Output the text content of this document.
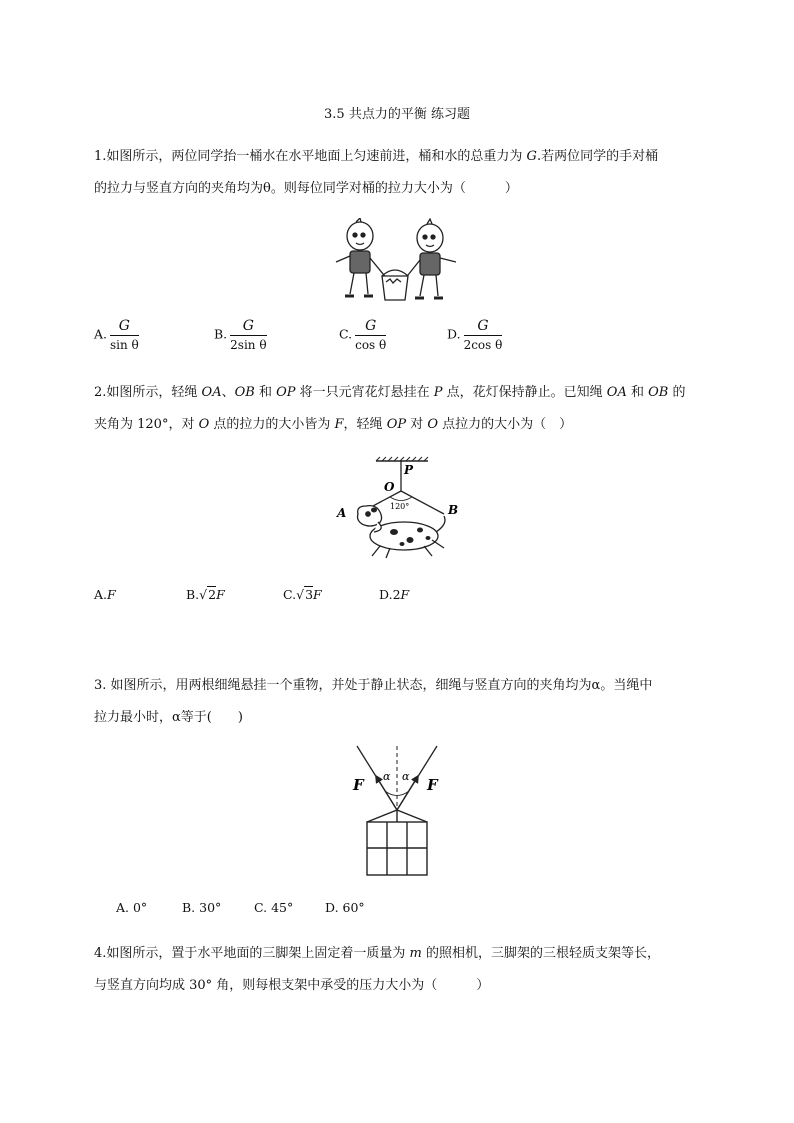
3.5 共点力的平衡 练习题

1.如图所示，两位同学抬一桶水在水平地面上匀速前进，桶和水的总重力为 G.若两位同学的手对桶
的拉力与竖直方向的夹角均为θ。则每位同学对桶的拉力大小为（　　　）

A. $\frac{G}{\text{sin θ}}$	B. $\frac{G}{\text{2sin θ}}$	C. $\frac{G}{\text{cos θ}}$	D. $\frac{G}{\text{2cos θ}}$

2.如图所示，轻绳 OA、OB 和 OP 将一只元宵花灯悬挂在 P 点，花灯保持静止。已知绳 OA 和 OB 的
夹角为 120°，对 O 点的拉力的大小皆为 F，轻绳 OP 对 O 点拉力的大小为（　）

P
O
120°
A	B
A.F	B.√2F	C.√3F	D.2F

3. 如图所示，用两根细绳悬挂一个重物，并处于静止状态，细绳与竖直方向的夹角均为α。当绳中
拉力最小时，α等于(　　)

F	F
α α
A. 0°	B. 30°	C. 45°	D. 60°

4.如图所示，置于水平地面的三脚架上固定着一质量为 m 的照相机，三脚架的三根轻质支架等长，
与竖直方向均成 30° 角，则每根支架中承受的压力大小为（　　　）
